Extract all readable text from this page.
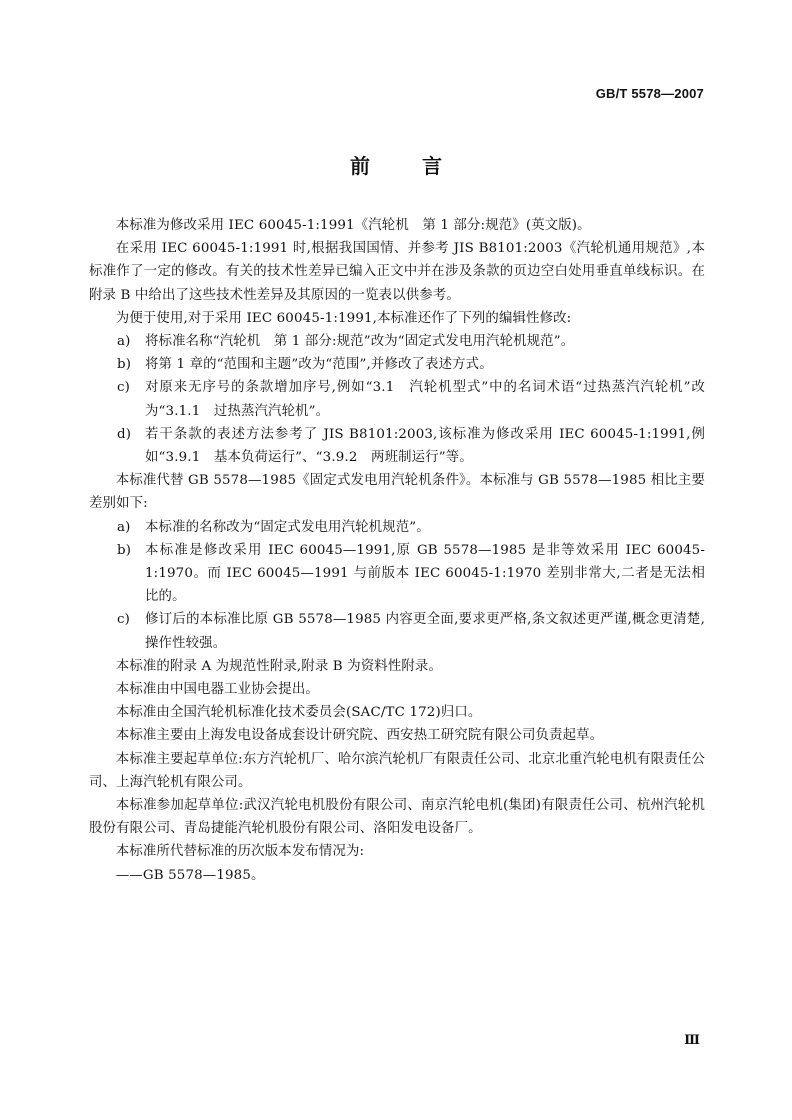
GB/T 5578—2007
前	言

本标准为修改采用 IEC 60045-1:1991《汽轮机　第 1 部分:规范》(英文版)。

在采用 IEC 60045-1:1991 时,根据我国国情、并参考 JIS B8101:2003《汽轮机通用规范》,本标准作了一定的修改。有关的技术性差异已编入正文中并在涉及条款的页边空白处用垂直单线标识。在附录 B 中给出了这些技术性差异及其原因的一览表以供参考。

为便于使用,对于采用 IEC 60045-1:1991,本标准还作了下列的编辑性修改:

a) 将标准名称“汽轮机　第 1 部分:规范”改为“固定式发电用汽轮机规范”。
b) 将第 1 章的“范围和主题”改为“范围”,并修改了表述方式。
c) 对原来无序号的条款增加序号,例如“3.1　汽轮机型式”中的名词术语“过热蒸汽汽轮机”改为“3.1.1　过热蒸汽汽轮机”。
d) 若干条款的表述方法参考了 JIS B8101:2003,该标准为修改采用 IEC 60045-1:1991,例如“3.9.1　基本负荷运行”、“3.9.2　两班制运行”等。

本标准代替 GB 5578—1985《固定式发电用汽轮机条件》。本标准与 GB 5578—1985 相比主要差别如下:

a) 本标准的名称改为“固定式发电用汽轮机规范”。
b) 本标准是修改采用 IEC 60045—1991,原 GB 5578—1985 是非等效采用 IEC 60045-1:1970。而 IEC 60045—1991 与前版本 IEC 60045-1:1970 差别非常大,二者是无法相比的。
c) 修订后的本标准比原 GB 5578—1985 内容更全面,要求更严格,条文叙述更严谨,概念更清楚,操作性较强。

本标准的附录 A 为规范性附录,附录 B 为资料性附录。

本标准由中国电器工业协会提出。

本标准由全国汽轮机标准化技术委员会(SAC/TC 172)归口。

本标准主要由上海发电设备成套设计研究院、西安热工研究院有限公司负责起草。

本标准主要起草单位:东方汽轮机厂、哈尔滨汽轮机厂有限责任公司、北京北重汽轮电机有限责任公司、上海汽轮机有限公司。

本标准参加起草单位:武汉汽轮电机股份有限公司、南京汽轮电机(集团)有限责任公司、杭州汽轮机股份有限公司、青岛捷能汽轮机股份有限公司、洛阳发电设备厂。

本标准所代替标准的历次版本发布情况为:

——GB 5578—1985。

Ⅲ
